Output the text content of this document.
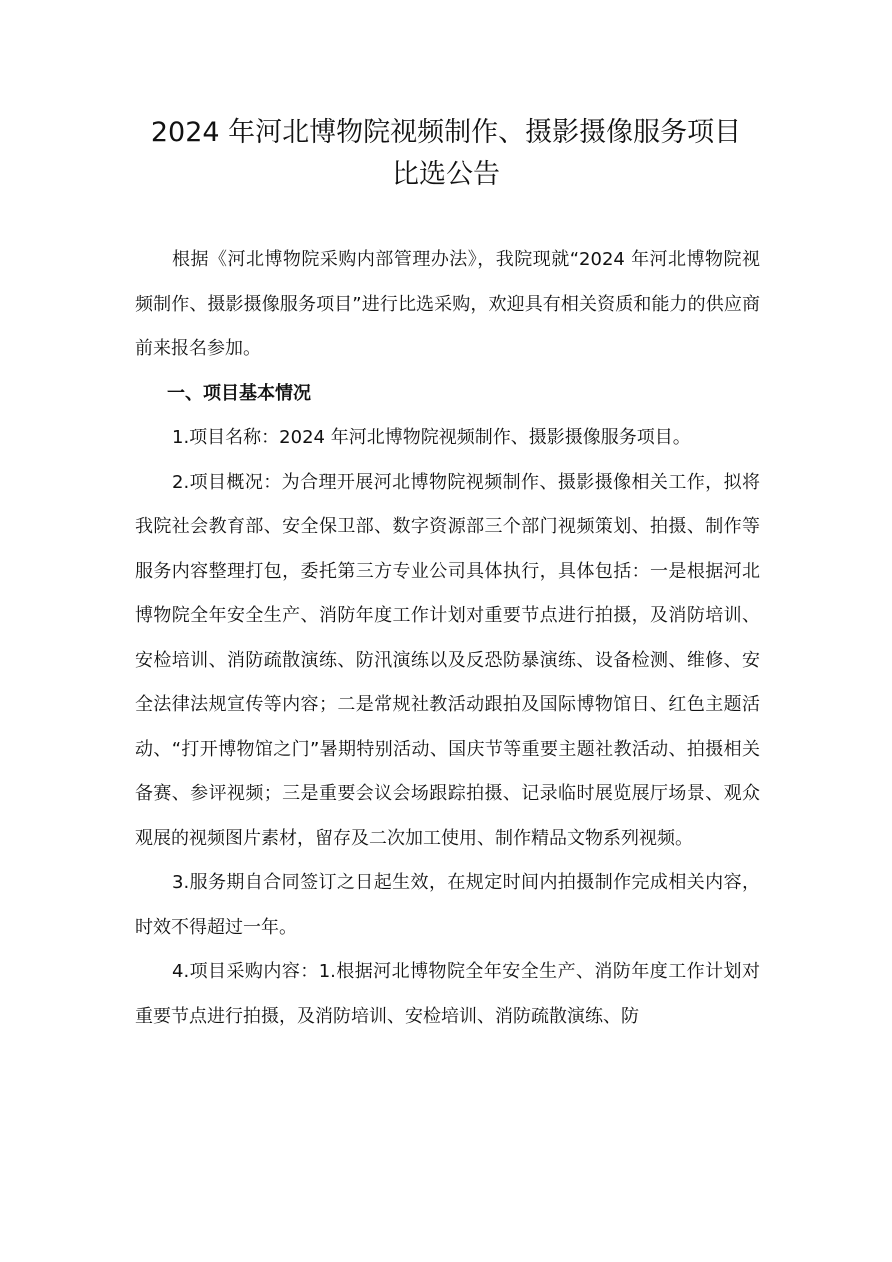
2024 年河北博物院视频制作、摄影摄像服务项目
比选公告

根据《河北博物院采购内部管理办法》，我院现就“2024 年河北博物院视频制作、摄影摄像服务项目”进行比选采购，欢迎具有相关资质和能力的供应商前来报名参加。

一、项目基本情况

1.项目名称：2024 年河北博物院视频制作、摄影摄像服务项目。

2.项目概况：为合理开展河北博物院视频制作、摄影摄像相关工作，拟将我院社会教育部、安全保卫部、数字资源部三个部门视频策划、拍摄、制作等服务内容整理打包，委托第三方专业公司具体执行，具体包括：一是根据河北博物院全年安全生产、消防年度工作计划对重要节点进行拍摄，及消防培训、安检培训、消防疏散演练、防汛演练以及反恐防暴演练、设备检测、维修、安全法律法规宣传等内容；二是常规社教活动跟拍及国际博物馆日、红色主题活动、“打开博物馆之门”暑期特别活动、国庆节等重要主题社教活动、拍摄相关备赛、参评视频；三是重要会议会场跟踪拍摄、记录临时展览展厅场景、观众观展的视频图片素材，留存及二次加工使用、制作精品文物系列视频。

3.服务期自合同签订之日起生效，在规定时间内拍摄制作完成相关内容，时效不得超过一年。

4.项目采购内容：1.根据河北博物院全年安全生产、消防年度工作计划对重要节点进行拍摄，及消防培训、安检培训、消防疏散演练、防
